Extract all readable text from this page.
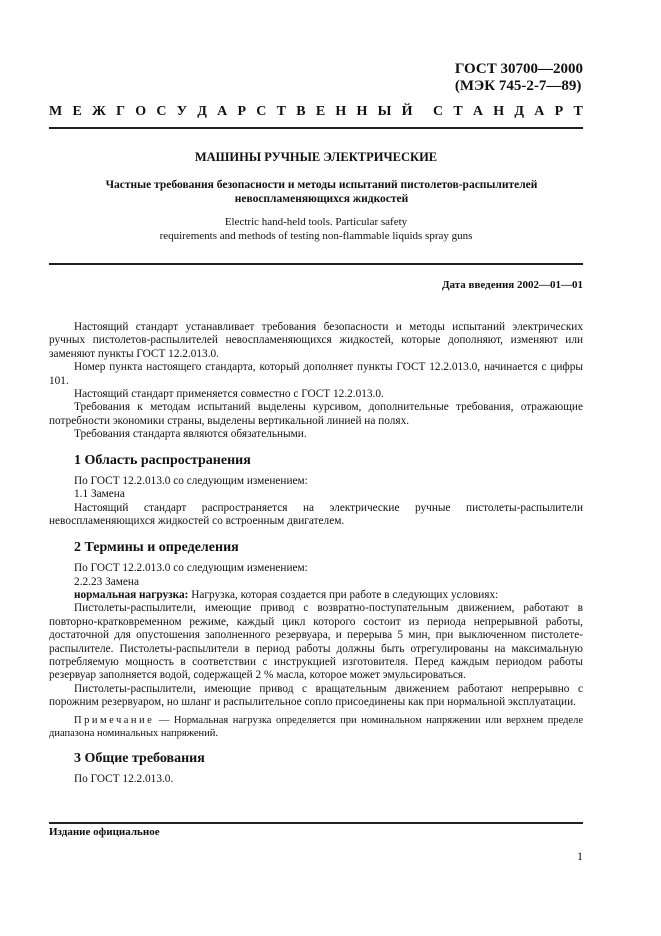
ГОСТ 30700—2000
(МЭК 745-2-7—89)
М Е Ж Г О С У Д А Р С Т В Е Н Н Ы Й С Т А Н Д А Р Т
МАШИНЫ РУЧНЫЕ ЭЛЕКТРИЧЕСКИЕ
Частные требования безопасности и методы испытаний пистолетов-распылителей
невоспламеняющихся жидкостей
Electric hand-held tools. Particular safety
requirements and methods of testing non-flammable liquids spray guns
Дата введения 2002—01—01

Настоящий стандарт устанавливает требования безопасности и методы испытаний электрических ручных пистолетов-распылителей невоспламеняющихся жидкостей, которые дополняют, изменяют или заменяют пункты ГОСТ 12.2.013.0.

Номер пункта настоящего стандарта, который дополняет пункты ГОСТ 12.2.013.0, начинается с цифры 101.

Настоящий стандарт применяется совместно с ГОСТ 12.2.013.0.

Требования к методам испытаний выделены курсивом, дополнительные требования, отражающие потребности экономики страны, выделены вертикальной линией на полях.

Требования стандарта являются обязательными.

1 Область распространения

По ГОСТ 12.2.013.0 со следующим изменением:

1.1 Замена

Настоящий стандарт распространяется на электрические ручные пистолеты-распылители невоспламеняющихся жидкостей со встроенным двигателем.

2 Термины и определения

По ГОСТ 12.2.013.0 со следующим изменением:

2.2.23 Замена

нормальная нагрузка: Нагрузка, которая создается при работе в следующих условиях:

Пистолеты-распылители, имеющие привод с возвратно-поступательным движением, работают в повторно-кратковременном режиме, каждый цикл которого состоит из периода непрерывной работы, достаточной для опустошения заполненного резервуара, и перерыва 5 мин, при выключенном пистолете-распылителе. Пистолеты-распылители в период работы должны быть отрегулированы на максимальную потребляемую мощность в соответствии с инструкцией изготовителя. Перед каждым периодом работы резервуар заполняется водой, содержащей 2 % масла, которое может эмульсироваться.

Пистолеты-распылители, имеющие привод с вращательным движением работают непрерывно с порожним резервуаром, но шланг и распылительное сопло присоединены как при нормальной эксплуатации.

Примечание — Нормальная нагрузка определяется при номинальном напряжении или верхнем пределе диапазона номинальных напряжений.

3 Общие требования

По ГОСТ 12.2.013.0.

Издание официальное
1
